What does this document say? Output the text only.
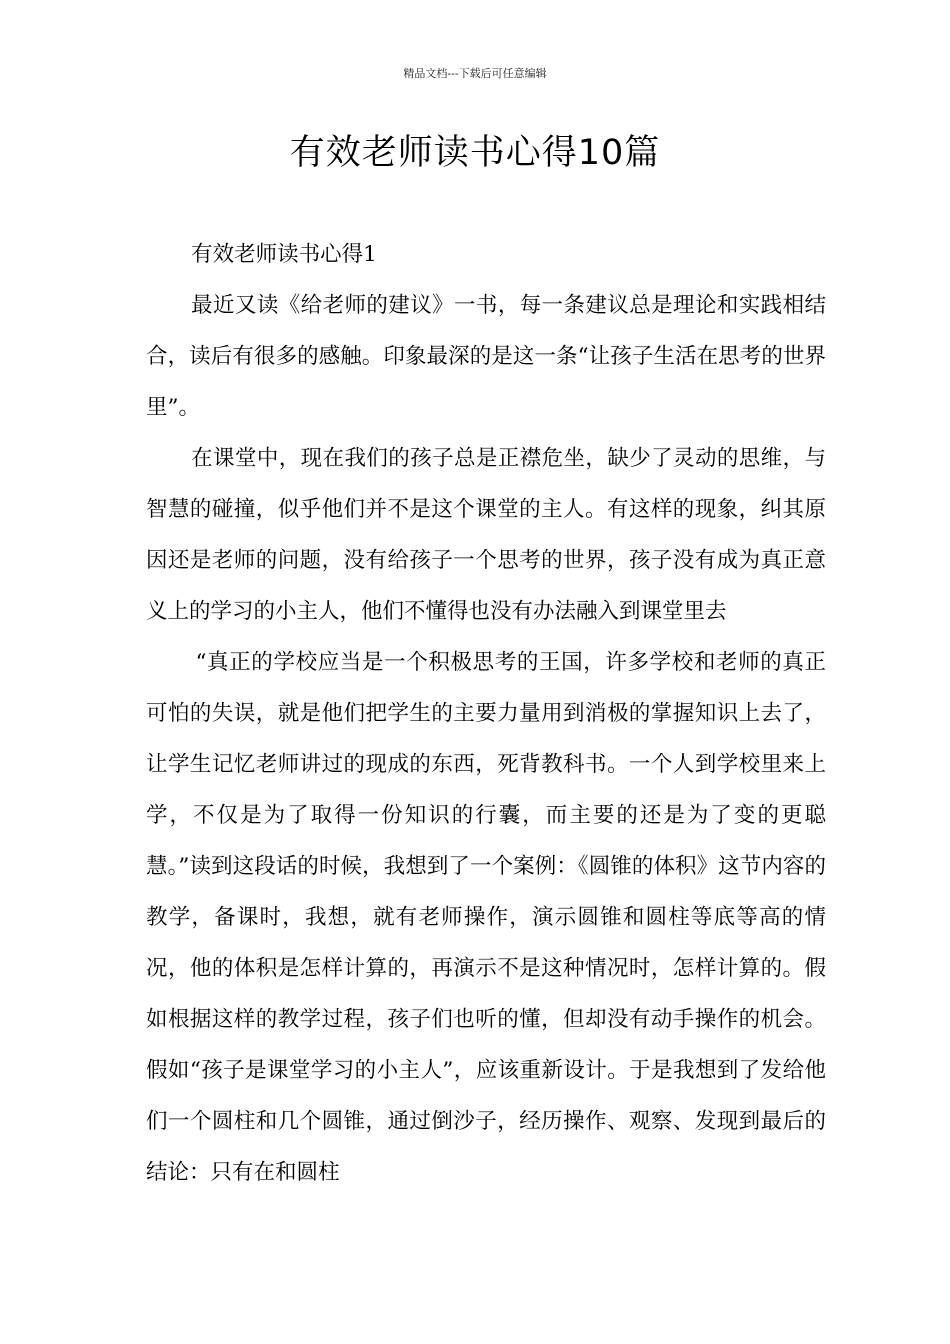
精品文档---下载后可任意编辑
有效老师读书心得10篇

有效老师读书心得1

最近又读《给老师的建议》一书，每一条建议总是理论和实践相结合，读后有很多的感触。印象最深的是这一条“让孩子生活在思考的世界里”。

在课堂中，现在我们的孩子总是正襟危坐，缺少了灵动的思维，与智慧的碰撞，似乎他们并不是这个课堂的主人。有这样的现象，纠其原因还是老师的问题，没有给孩子一个思考的世界，孩子没有成为真正意义上的学习的小主人，他们不懂得也没有办法融入到课堂里去

“真正的学校应当是一个积极思考的王国，许多学校和老师的真正可怕的失误，就是他们把学生的主要力量用到消极的掌握知识上去了，让学生记忆老师讲过的现成的东西，死背教科书。一个人到学校里来上学，不仅是为了取得一份知识的行囊，而主要的还是为了变的更聪慧。”读到这段话的时候，我想到了一个案例：《圆锥的体积》这节内容的教学，备课时，我想，就有老师操作，演示圆锥和圆柱等底等高的情况，他的体积是怎样计算的，再演示不是这种情况时，怎样计算的。假如根据这样的教学过程，孩子们也听的懂，但却没有动手操作的机会。假如“孩子是课堂学习的小主人”，应该重新设计。于是我想到了发给他们一个圆柱和几个圆锥，通过倒沙子，经历操作、观察、发现到最后的结论：只有在和圆柱
